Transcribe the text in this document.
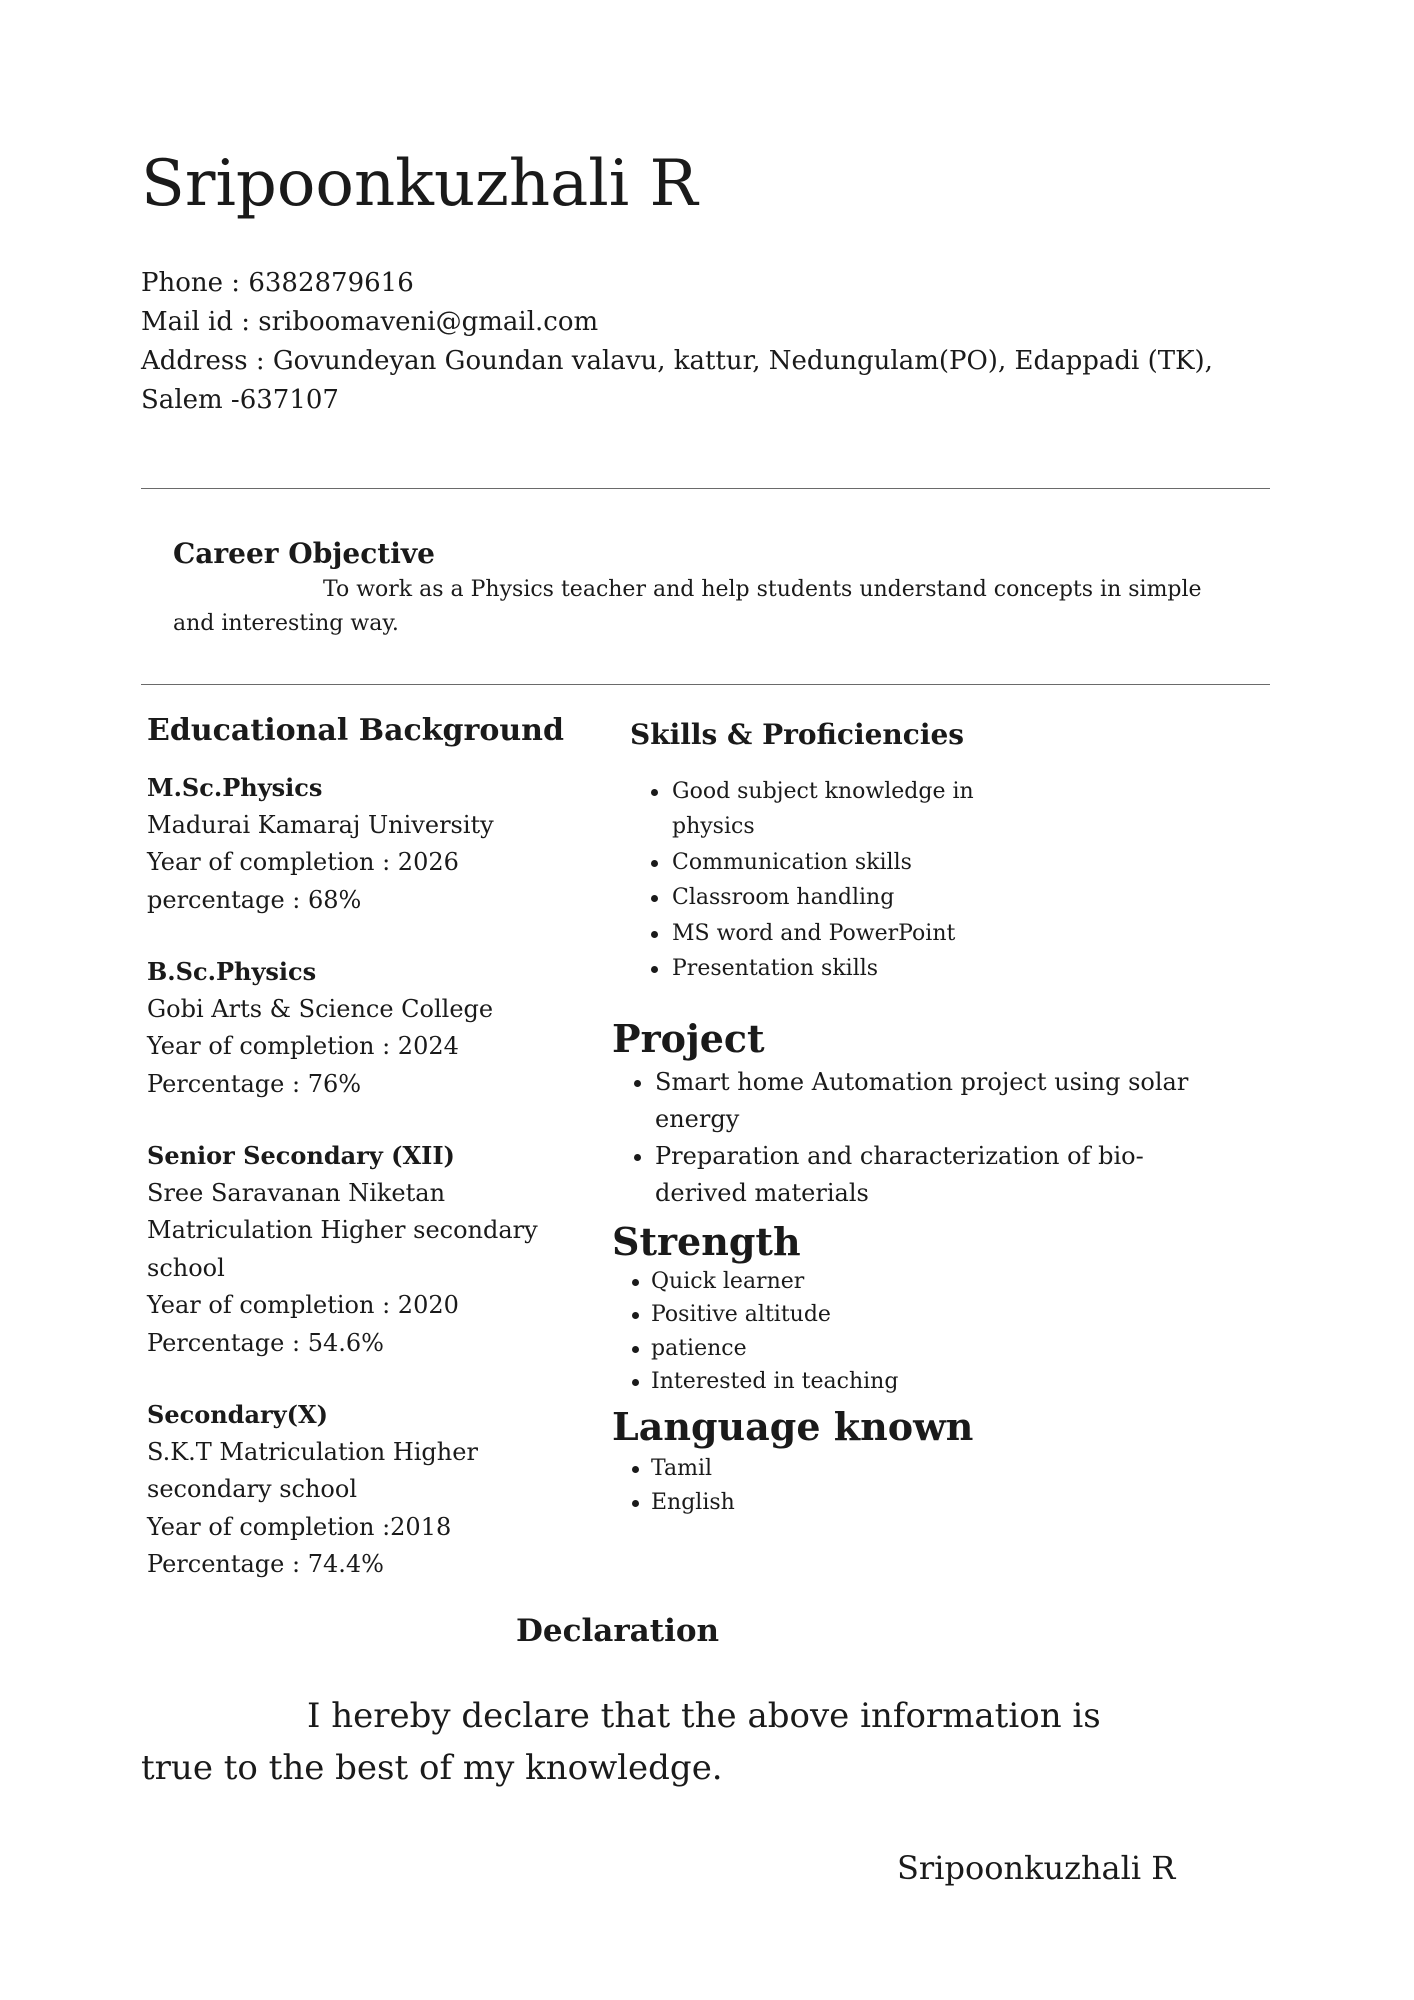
Sripoonkuzhali R
Phone : 6382879616
Mail id : sriboomaveni@gmail.com
Address : Govundeyan Goundan valavu, kattur, Nedungulam(PO), Edappadi (TK),
Salem -637107
Career Objective
To work as a Physics teacher and help students understand concepts in simple and interesting way.
Educational Background
M.Sc.Physics
Madurai Kamaraj University
Year of completion : 2026
percentage : 68%
B.Sc.Physics
Gobi Arts & Science College
Year of completion : 2024
Percentage : 76%
Senior Secondary (XII)
Sree Saravanan Niketan Matriculation Higher secondary school
Year of completion : 2020
Percentage : 54.6%
Secondary(X)
S.K.T Matriculation Higher secondary school
Year of completion :2018
Percentage : 74.4%
Skills & Proficiencies
Good subject knowledge in physics
Communication skills
Classroom handling
MS word and PowerPoint
Presentation skills
Project
Smart home Automation project using solar energy
Preparation and characterization of bio- derived materials
Strength
Quick learner
Positive altitude
patience
Interested in teaching
Language known
Tamil
English
Declaration
I hereby declare that the above information is true to the best of my knowledge.
Sripoonkuzhali R
